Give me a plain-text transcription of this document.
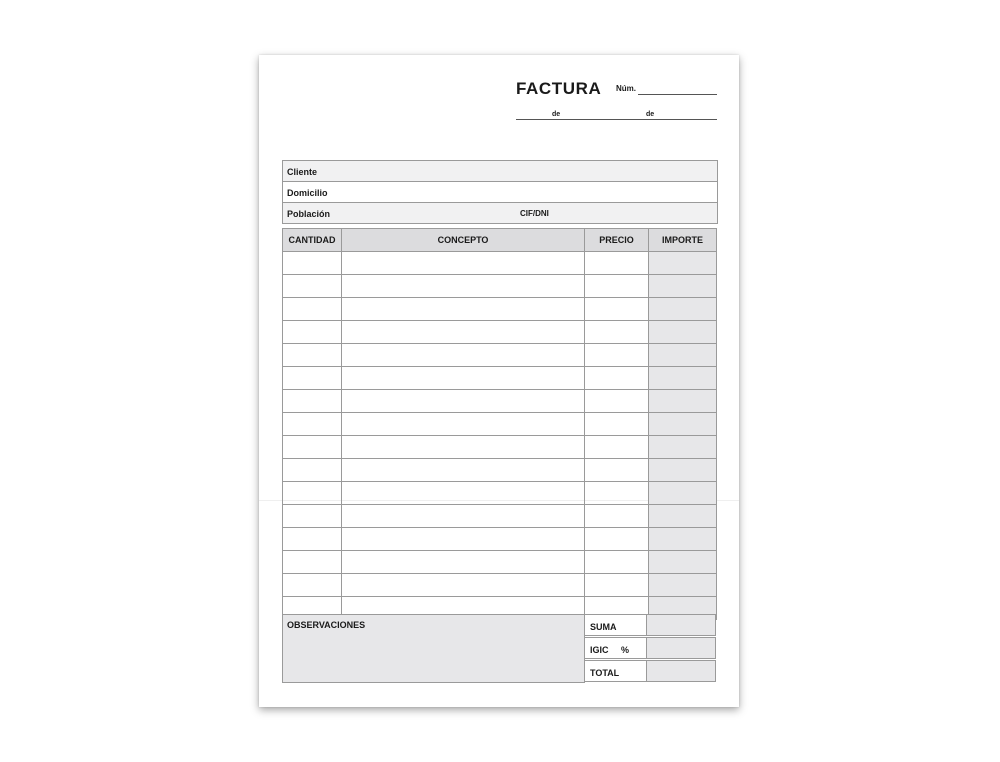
FACTURA Núm.
de	de
Cliente
Domicilio
Población	CIF/DNI
CANTIDAD	CONCEPTO	PRECIO	IMPORTE

OBSERVACIONES	SUMA
IGIC %
TOTAL
